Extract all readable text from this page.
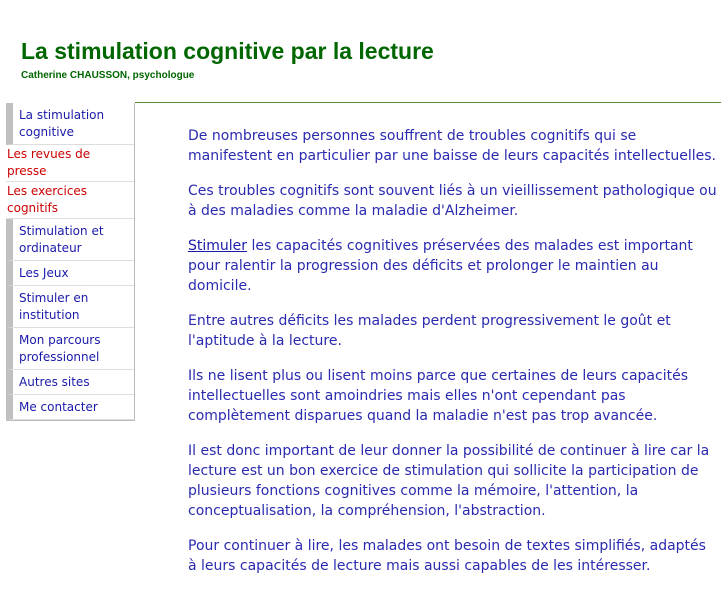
La stimulation cognitive par la lecture
Catherine CHAUSSON, psychologue
La stimulation cognitive
Les revues de presse
Les exercices cognitifs
Stimulation et ordinateur
Les Jeux
Stimuler en institution
Mon parcours professionnel
Autres sites
Me contacter

De nombreuses personnes souffrent de troubles cognitifs qui se manifestent en particulier par une baisse de leurs capacités intellectuelles.

Ces troubles cognitifs sont souvent liés à un vieillissement pathologique ou à des maladies comme la maladie d'Alzheimer.

Stimuler les capacités cognitives préservées des malades est important pour ralentir la progression des déficits et prolonger le maintien au domicile.

Entre autres déficits les malades perdent progressivement le goût et l'aptitude à la lecture.

Ils ne lisent plus ou lisent moins parce que certaines de leurs capacités intellectuelles sont amoindries mais elles n'ont cependant pas complètement disparues quand la maladie n'est pas trop avancée.

Il est donc important de leur donner la possibilité de continuer à lire car la lecture est un bon exercice de stimulation qui sollicite la participation de plusieurs fonctions cognitives comme la mémoire, l'attention, la conceptualisation, la compréhension, l'abstraction.

Pour continuer à lire, les malades ont besoin de textes simplifiés, adaptés à leurs capacités de lecture mais aussi capables de les intéresser.
